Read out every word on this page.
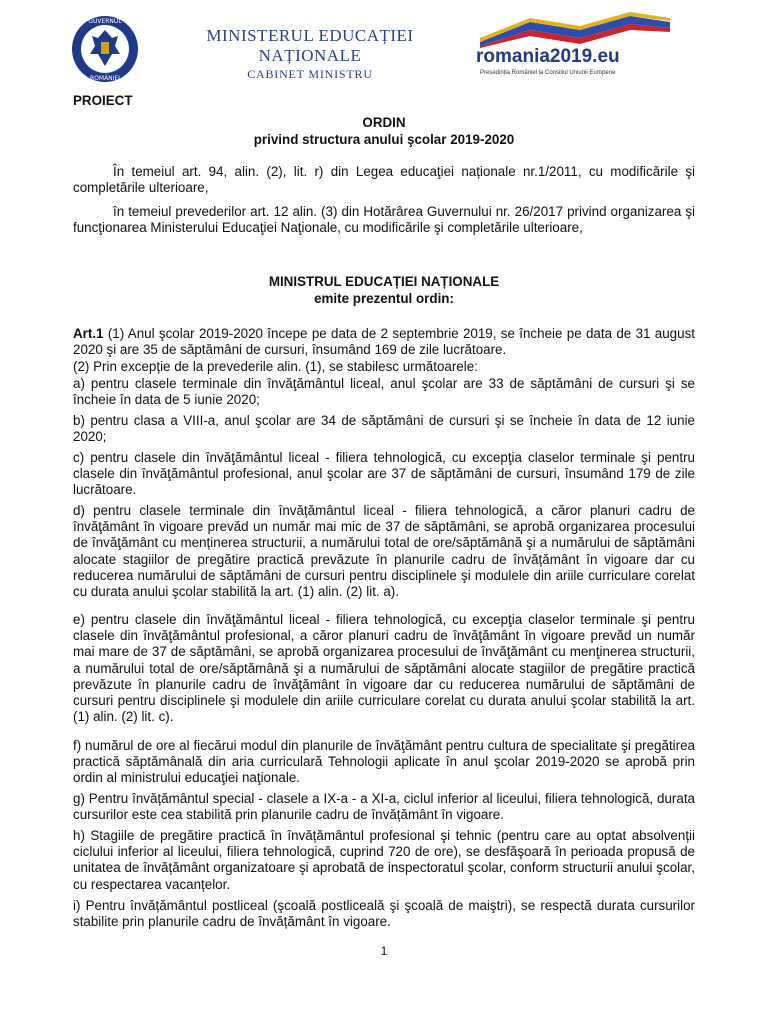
GUVERNUL
ROMÂNIEI
MINISTERUL EDUCAȚIEI NAȚIONALE
CABINET MINISTRU
romania2019.eu
Președinția României la Consiliul Uniunii Europene
PROIECT
ORDIN
privind structura anului şcolar 2019-2020

În temeiul art. 94, alin. (2), lit. r) din Legea educaţiei naționale nr.1/2011, cu modificările şi completările ulterioare,

în temeiul prevederilor art. 12 alin. (3) din Hotărârea Guvernului nr. 26/2017 privind organizarea şi funcţionarea Ministerului Educaţiei Naţionale, cu modificările şi completările ulterioare,

MINISTRUL EDUCAȚIEI NAȚIONALE
emite prezentul ordin:

Art.1 (1) Anul şcolar 2019-2020 începe pe data de 2 septembrie 2019, se încheie pe data de 31 august 2020 şi are 35 de săptămâni de cursuri, însumând 169 de zile lucrătoare.

(2) Prin excepție de la prevederile alin. (1), se stabilesc următoarele:

a) pentru clasele terminale din învăţământul liceal, anul şcolar are 33 de săptămâni de cursuri şi se încheie în data de 5 iunie 2020;

b) pentru clasa a VIII-a, anul şcolar are 34 de săptămâni de cursuri şi se încheie în data de 12 iunie 2020;

c) pentru clasele din învăţământul liceal - filiera tehnologică, cu excepţia claselor terminale şi pentru clasele din învăţământul profesional, anul şcolar are 37 de săptămâni de cursuri, însumând 179 de zile lucrătoare.

d) pentru clasele terminale din învățământul liceal - filiera tehnologică, a căror planuri cadru de învăţământ în vigoare prevăd un număr mai mic de 37 de săptămâni, se aprobă organizarea procesului de învăţământ cu menținerea structurii, a numărului total de ore/săptămână şi a numărului de săptămâni alocate stagiilor de pregătire practică prevăzute în planurile cadru de învățământ în vigoare dar cu reducerea numărului de săptămâni de cursuri pentru disciplinele şi modulele din ariile curriculare corelat cu durata anului şcolar stabilită la art. (1) alin. (2) lit. a).

e) pentru clasele din învăţământul liceal - filiera tehnologică, cu excepţia claselor terminale şi pentru clasele din învăţământul profesional, a căror planuri cadru de învăţământ în vigoare prevăd un număr mai mare de 37 de săptămâni, se aprobă organizarea procesului de învăţământ cu menţinerea structurii, a numărului total de ore/săptămână şi a numărului de săptămâni alocate stagiilor de pregătire practică prevăzute în planurile cadru de învăţământ în vigoare dar cu reducerea numărului de săptămâni de cursuri pentru disciplinele şi modulele din ariile curriculare corelat cu durata anului şcolar stabilită la art. (1) alin. (2) lit. c).

f) numărul de ore al fiecărui modul din planurile de învăţământ pentru cultura de specialitate şi pregătirea practică săptămânală din aria curriculară Tehnologii aplicate în anul şcolar 2019-2020 se aprobă prin ordin al ministrului educaţiei naţionale.

g) Pentru învățământul special - clasele a IX-a - a XI-a, ciclul inferior al liceului, filiera tehnologică, durata cursurilor este cea stabilită prin planurile cadru de învățământ în vigoare.

h) Stagiile de pregătire practică în învățământul profesional şi tehnic (pentru care au optat absolvenții ciclului inferior al liceului, filiera tehnologică, cuprind 720 de ore), se desfăşoară în perioada propusă de unitatea de învățământ organizatoare şi aprobată de inspectoratul şcolar, conform structurii anului şcolar, cu respectarea vacanțelor.

i) Pentru învățământul postliceal (şcoală postliceală şi şcoală de maiştri), se respectă durata cursurilor stabilite prin planurile cadru de învățământ în vigoare.

1
